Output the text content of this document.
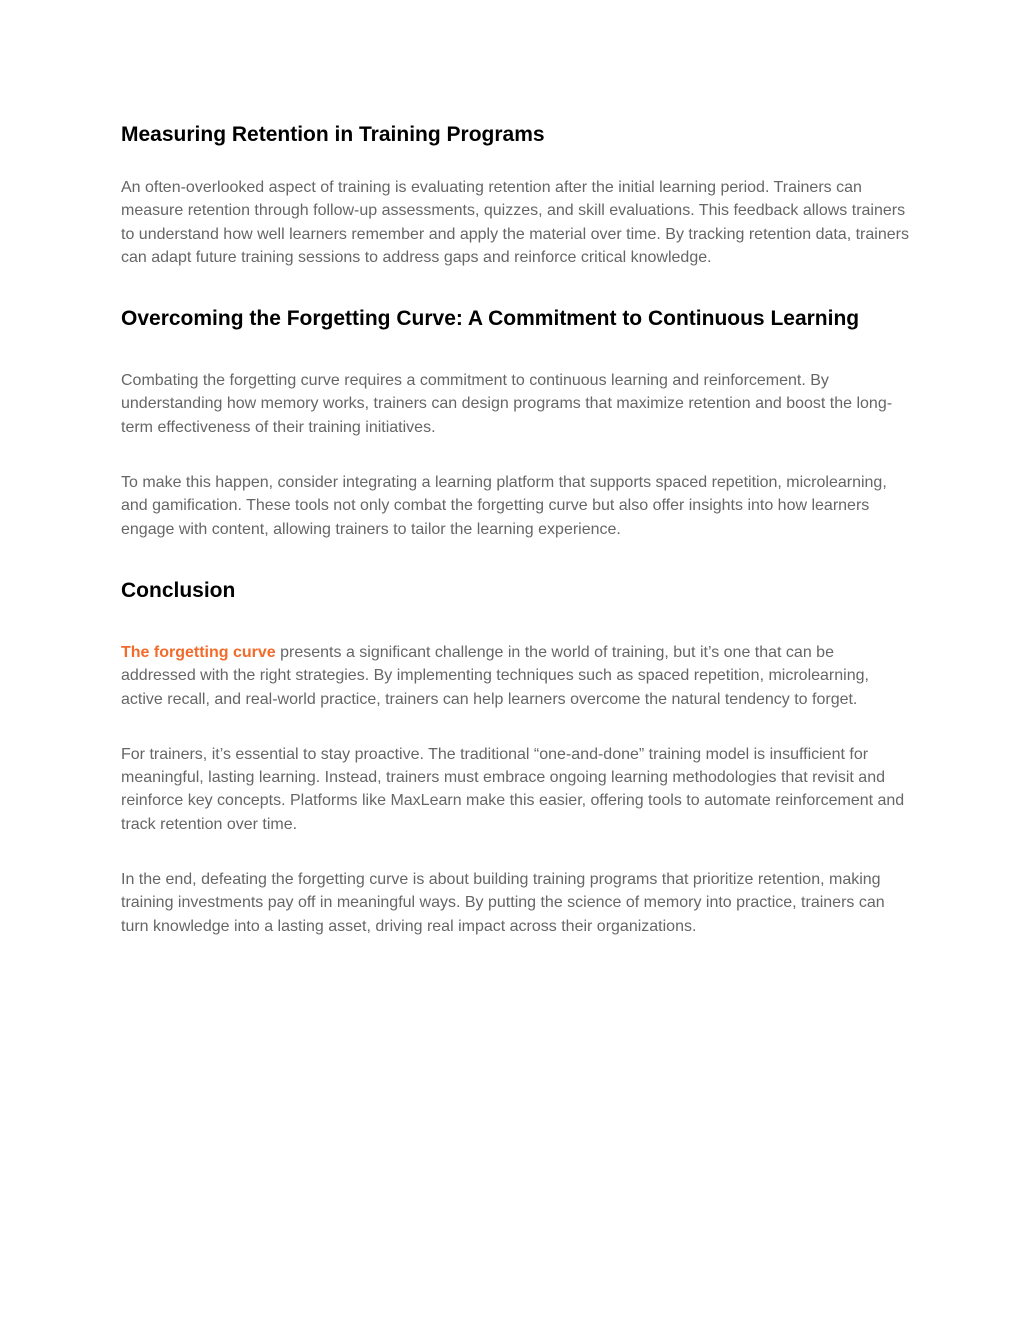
Measuring Retention in Training Programs

An often-overlooked aspect of training is evaluating retention after the initial learning period. Trainers can measure retention through follow-up assessments, quizzes, and skill evaluations. This feedback allows trainers to understand how well learners remember and apply the material over time. By tracking retention data, trainers can adapt future training sessions to address gaps and reinforce critical knowledge.

Overcoming the Forgetting Curve: A Commitment to Continuous Learning

Combating the forgetting curve requires a commitment to continuous learning and reinforcement. By understanding how memory works, trainers can design programs that maximize retention and boost the long-term effectiveness of their training initiatives.

To make this happen, consider integrating a learning platform that supports spaced repetition, microlearning, and gamification. These tools not only combat the forgetting curve but also offer insights into how learners engage with content, allowing trainers to tailor the learning experience.

Conclusion

The forgetting curve presents a significant challenge in the world of training, but it’s one that can be addressed with the right strategies. By implementing techniques such as spaced repetition, microlearning, active recall, and real-world practice, trainers can help learners overcome the natural tendency to forget.

For trainers, it’s essential to stay proactive. The traditional “one-and-done” training model is insufficient for meaningful, lasting learning. Instead, trainers must embrace ongoing learning methodologies that revisit and reinforce key concepts. Platforms like MaxLearn make this easier, offering tools to automate reinforcement and track retention over time.

In the end, defeating the forgetting curve is about building training programs that prioritize retention, making training investments pay off in meaningful ways. By putting the science of memory into practice, trainers can turn knowledge into a lasting asset, driving real impact across their organizations.
